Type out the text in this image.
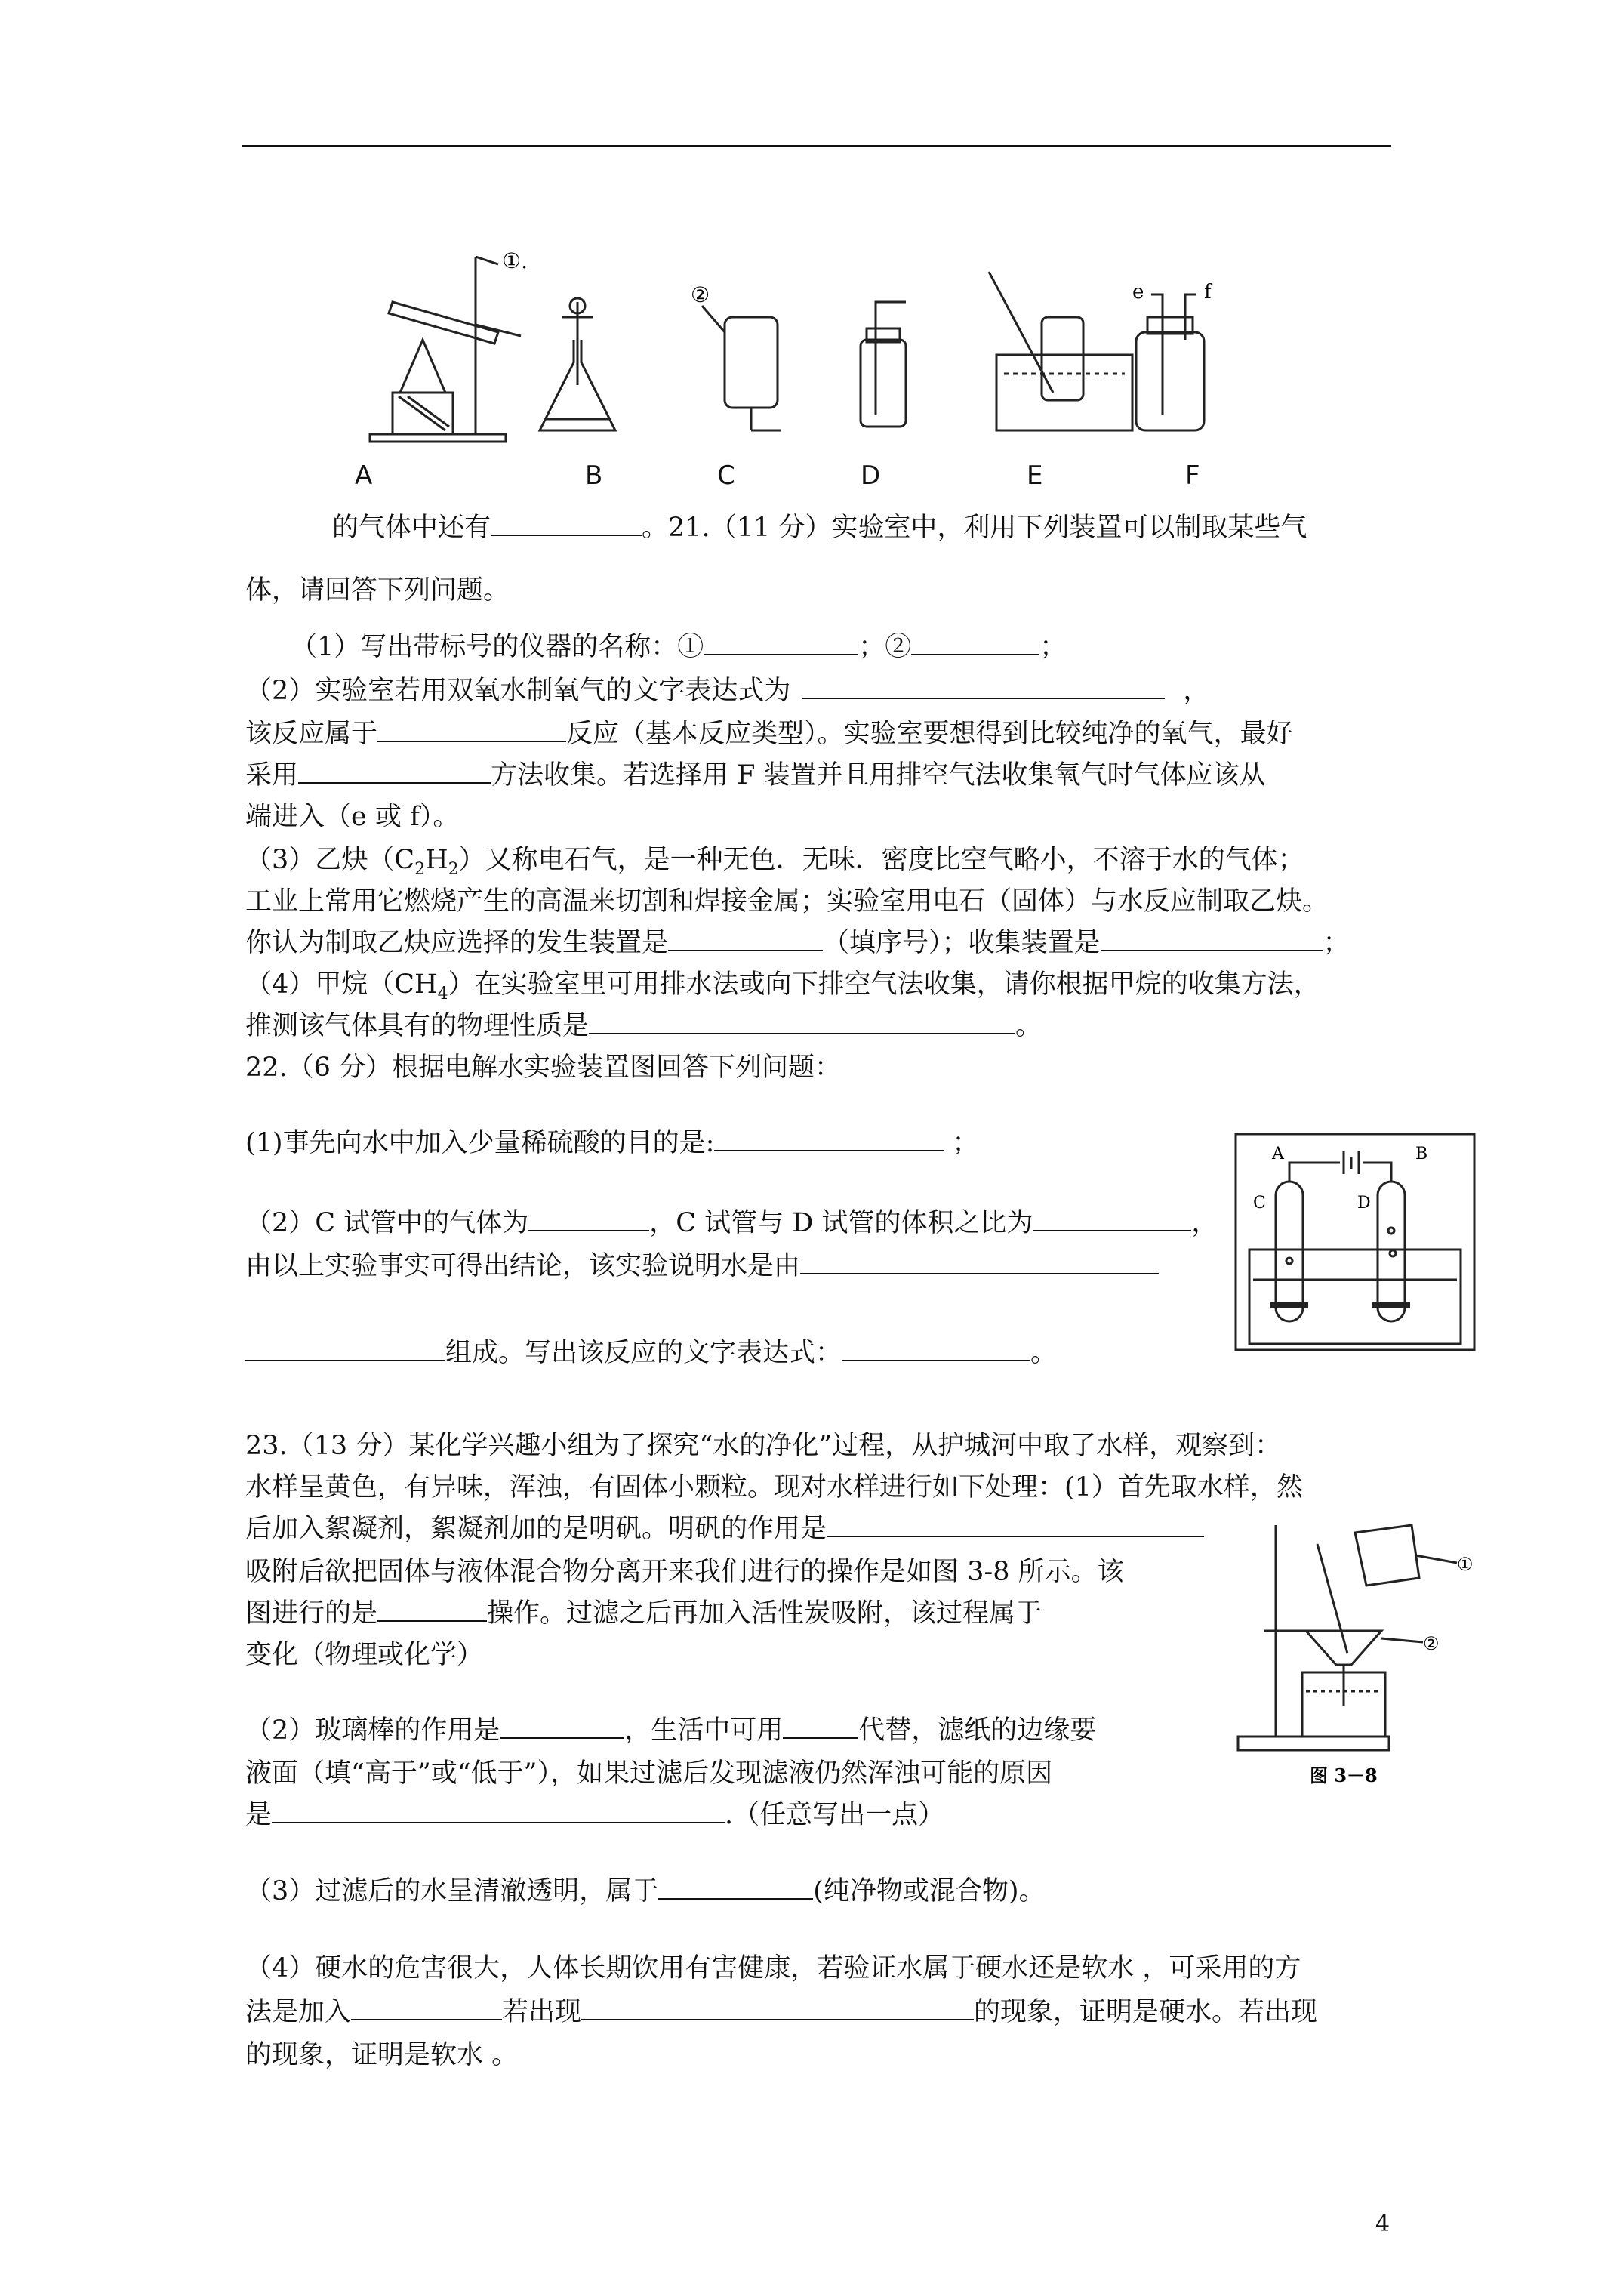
①.
②	e	f
A	B	C	D	E	F
的气体中还有	。21.（11 分）实验室中，利用下列装置可以制取某些气
体，请回答下列问题。
（1）写出带标号的仪器的名称：①	；②	；
（2）实验室若用双氧水制氧气的文字表达式为	，
该反应属于	反应（基本反应类型）。实验室要想得到比较纯净的氧气，最好
采用	方法收集。若选择用 F 装置并且用排空气法收集氧气时气体应该从
端进入（e 或 f）。
（3）乙炔$(C_2H_2)$又称电石气，是一种无色．无味．密度比空气略小，不溶于水的气体；
工业上常用它燃烧产生的高温来切割和焊接金属；实验室用电石（固体）与水反应制取乙炔。
你认为制取乙炔应选择的发生装置是	（填序号）；收集装置是	；
（4）甲烷$(CH_4)$在实验室里可用排水法或向下排空气法收集，请你根据甲烷的收集方法，
推测该气体具有的物理性质是	。
22.（6 分）根据电解水实验装置图回答下列问题：
(1)事先向水中加入少量稀硫酸的目的是:	；
（2）C 试管中的气体为	，C 试管与 D 试管的体积之比为	，
由以上实验事实可得出结论，该实验说明水是由
组成。写出该反应的文字表达式：	。
A	B
C	D
23.（13 分）某化学兴趣小组为了探究“水的净化”过程，从护城河中取了水样，观察到：
水样呈黄色，有异味，浑浊，有固体小颗粒。现对水样进行如下处理：(1）首先取水样，然
后加入絮凝剂，絮凝剂加的是明矾。明矾的作用是
吸附后欲把固体与液体混合物分离开来我们进行的操作是如图 3-8 所示。该
图进行的是	操作。过滤之后再加入活性炭吸附，该过程属于
变化（物理或化学）
（2）玻璃棒的作用是	，生活中可用	代替，滤纸的边缘要
液面（填“高于”或“低于”），如果过滤后发现滤液仍然浑浊可能的原因
是	.（任意写出一点）
（3）过滤后的水呈清澈透明，属于	(纯净物或混合物)。
（4）硬水的危害很大，人体长期饮用有害健康，若验证水属于硬水还是软水 ，可采用的方
法是加入	若出现	的现象，证明是硬水。若出现
的现象，证明是软水 。
①
②
图 3－8
4
